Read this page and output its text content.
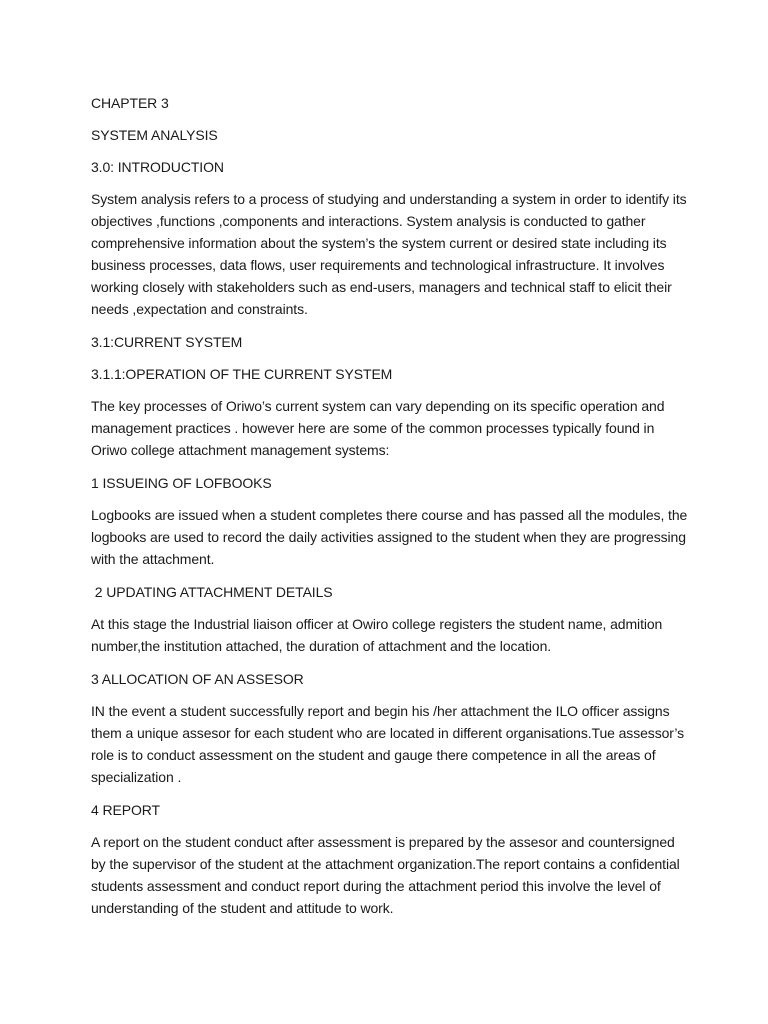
CHAPTER 3

SYSTEM ANALYSIS

3.0: INTRODUCTION

System analysis refers to a process of studying and understanding a system in order to identify its objectives ,functions ,components and interactions. System analysis is conducted to gather comprehensive information about the system’s the system current or desired state including its business processes, data flows, user requirements and technological infrastructure. It involves working closely with stakeholders such as end-users, managers and technical staff to elicit their needs ,expectation and constraints.

3.1:CURRENT SYSTEM

3.1.1:OPERATION OF THE CURRENT SYSTEM

The key processes of Oriwo’s current system can vary depending on its specific operation and management practices . however here are some of the common processes typically found in Oriwo college attachment management systems:

1 ISSUEING OF LOFBOOKS

Logbooks are issued when a student completes there course and has passed all the modules, the logbooks are used to record the daily activities assigned to the student when they are progressing with the attachment.

2 UPDATING ATTACHMENT DETAILS

At this stage the Industrial liaison officer at Owiro college registers the student name, admition number,the institution attached, the duration of attachment and the location.

3 ALLOCATION OF AN ASSESOR

IN the event a student successfully report and begin his /her attachment the ILO officer assigns them a unique assesor for each student who are located in different organisations.Tue assessor’s role is to conduct assessment on the student and gauge there competence in all the areas of specialization .

4 REPORT

A report on the student conduct after assessment is prepared by the assesor and countersigned by the supervisor of the student at the attachment organization.The report contains a confidential students assessment and conduct report during the attachment period this involve the level of understanding of the student and attitude to work.
